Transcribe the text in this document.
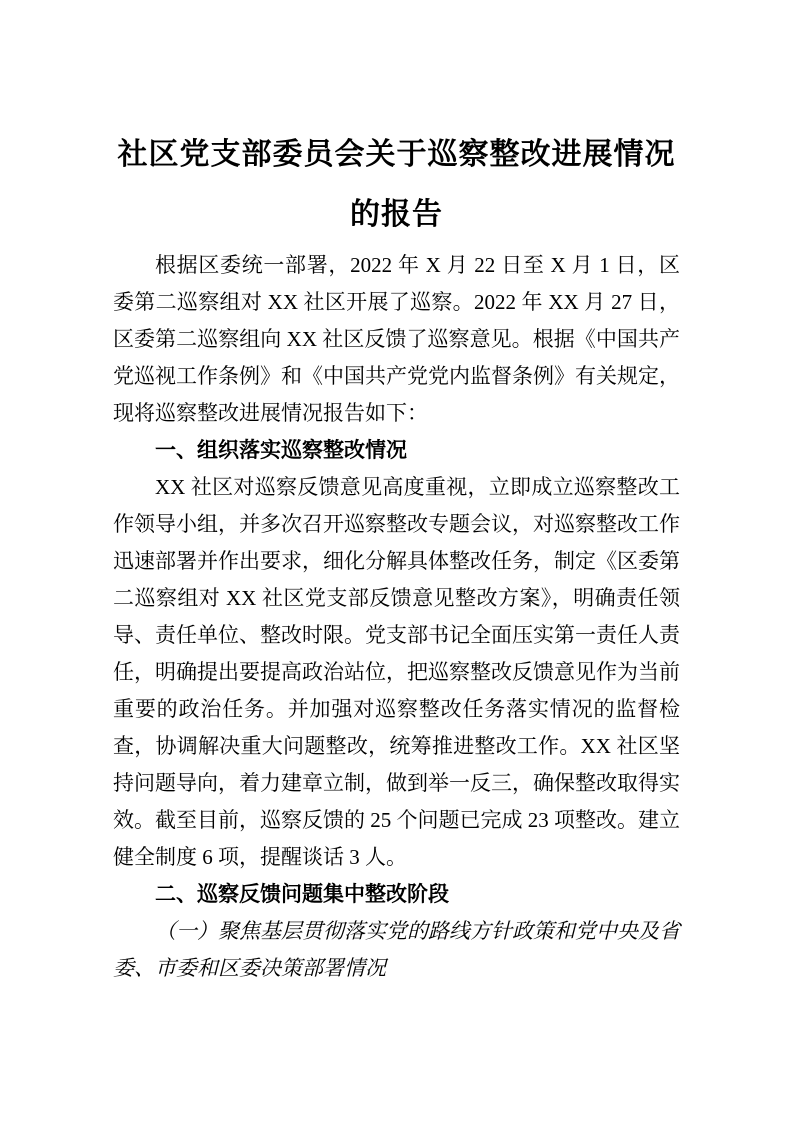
社区党支部委员会关于巡察整改进展情况
的报告

根据区委统一部署，2022 年 X 月 22 日至 X 月 1 日，区委第二巡察组对 XX 社区开展了巡察。2022 年 XX 月 27 日，区委第二巡察组向 XX 社区反馈了巡察意见。根据《中国共产党巡视工作条例》和《中国共产党党内监督条例》有关规定，现将巡察整改进展情况报告如下：

一、组织落实巡察整改情况

XX 社区对巡察反馈意见高度重视，立即成立巡察整改工作领导小组，并多次召开巡察整改专题会议，对巡察整改工作迅速部署并作出要求，细化分解具体整改任务，制定《区委第二巡察组对 XX 社区党支部反馈意见整改方案》，明确责任领导、责任单位、整改时限。党支部书记全面压实第一责任人责任，明确提出要提高政治站位，把巡察整改反馈意见作为当前重要的政治任务。并加强对巡察整改任务落实情况的监督检查，协调解决重大问题整改，统筹推进整改工作。XX 社区坚持问题导向，着力建章立制，做到举一反三，确保整改取得实效。截至目前，巡察反馈的 25 个问题已完成 23 项整改。建立健全制度 6 项，提醒谈话 3 人。

二、巡察反馈问题集中整改阶段

（一）聚焦基层贯彻落实党的路线方针政策和党中央及省委、市委和区委决策部署情况
